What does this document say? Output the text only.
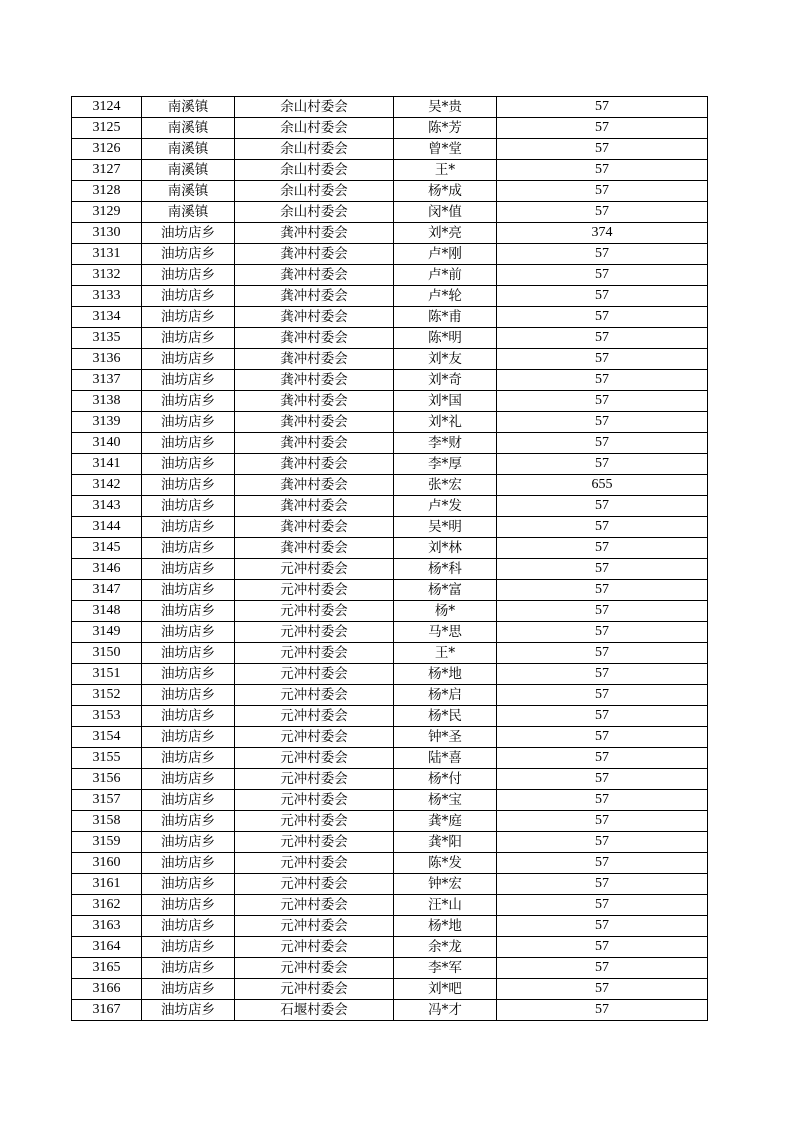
3124	南溪镇	余山村委会	吴*贵	57
3125	南溪镇	余山村委会	陈*芳	57
3126	南溪镇	余山村委会	曾*堂	57
3127	南溪镇	余山村委会	王*	57
3128	南溪镇	余山村委会	杨*成	57
3129	南溪镇	余山村委会	闵*值	57
3130	油坊店乡	龚冲村委会	刘*亮	374
3131	油坊店乡	龚冲村委会	卢*刚	57
3132	油坊店乡	龚冲村委会	卢*前	57
3133	油坊店乡	龚冲村委会	卢*轮	57
3134	油坊店乡	龚冲村委会	陈*甫	57
3135	油坊店乡	龚冲村委会	陈*明	57
3136	油坊店乡	龚冲村委会	刘*友	57
3137	油坊店乡	龚冲村委会	刘*奇	57
3138	油坊店乡	龚冲村委会	刘*国	57
3139	油坊店乡	龚冲村委会	刘*礼	57
3140	油坊店乡	龚冲村委会	李*财	57
3141	油坊店乡	龚冲村委会	李*厚	57
3142	油坊店乡	龚冲村委会	张*宏	655
3143	油坊店乡	龚冲村委会	卢*发	57
3144	油坊店乡	龚冲村委会	吴*明	57
3145	油坊店乡	龚冲村委会	刘*林	57
3146	油坊店乡	元冲村委会	杨*科	57
3147	油坊店乡	元冲村委会	杨*富	57
3148	油坊店乡	元冲村委会	杨*	57
3149	油坊店乡	元冲村委会	马*思	57
3150	油坊店乡	元冲村委会	王*	57
3151	油坊店乡	元冲村委会	杨*地	57
3152	油坊店乡	元冲村委会	杨*启	57
3153	油坊店乡	元冲村委会	杨*民	57
3154	油坊店乡	元冲村委会	钟*圣	57
3155	油坊店乡	元冲村委会	陆*喜	57
3156	油坊店乡	元冲村委会	杨*付	57
3157	油坊店乡	元冲村委会	杨*宝	57
3158	油坊店乡	元冲村委会	龚*庭	57
3159	油坊店乡	元冲村委会	龚*阳	57
3160	油坊店乡	元冲村委会	陈*发	57
3161	油坊店乡	元冲村委会	钟*宏	57
3162	油坊店乡	元冲村委会	汪*山	57
3163	油坊店乡	元冲村委会	杨*地	57
3164	油坊店乡	元冲村委会	余*龙	57
3165	油坊店乡	元冲村委会	李*军	57
3166	油坊店乡	元冲村委会	刘*吧	57
3167	油坊店乡	石堰村委会	冯*才	57
